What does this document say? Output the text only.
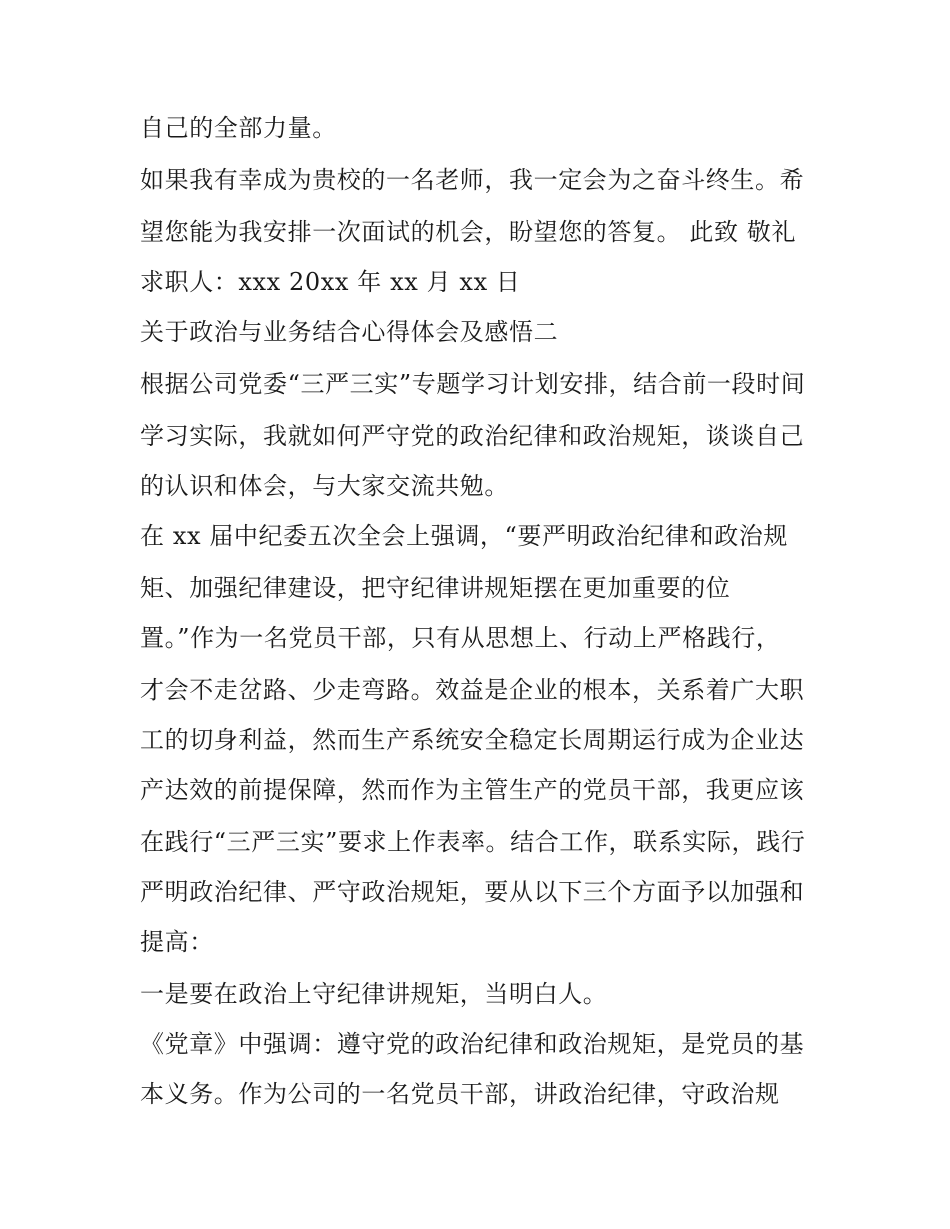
自己的全部力量。

如果我有幸成为贵校的一名老师，我一定会为之奋斗终生。希

望您能为我安排一次面试的机会，盼望您的答复。 此致 敬礼

求职人：xxx 20xx 年 xx 月 xx 日

关于政治与业务结合心得体会及感悟二

根据公司党委“三严三实”专题学习计划安排，结合前一段时间

学习实际，我就如何严守党的政治纪律和政治规矩，谈谈自己

的认识和体会，与大家交流共勉。

在 xx 届中纪委五次全会上强调，“要严明政治纪律和政治规

矩、加强纪律建设，把守纪律讲规矩摆在更加重要的位

置。”作为一名党员干部，只有从思想上、行动上严格践行，

才会不走岔路、少走弯路。效益是企业的根本，关系着广大职

工的切身利益，然而生产系统安全稳定长周期运行成为企业达

产达效的前提保障，然而作为主管生产的党员干部，我更应该

在践行“三严三实”要求上作表率。结合工作，联系实际，践行

严明政治纪律、严守政治规矩，要从以下三个方面予以加强和

提高：

一是要在政治上守纪律讲规矩，当明白人。

《党章》中强调：遵守党的政治纪律和政治规矩，是党员的基

本义务。作为公司的一名党员干部，讲政治纪律，守政治规
